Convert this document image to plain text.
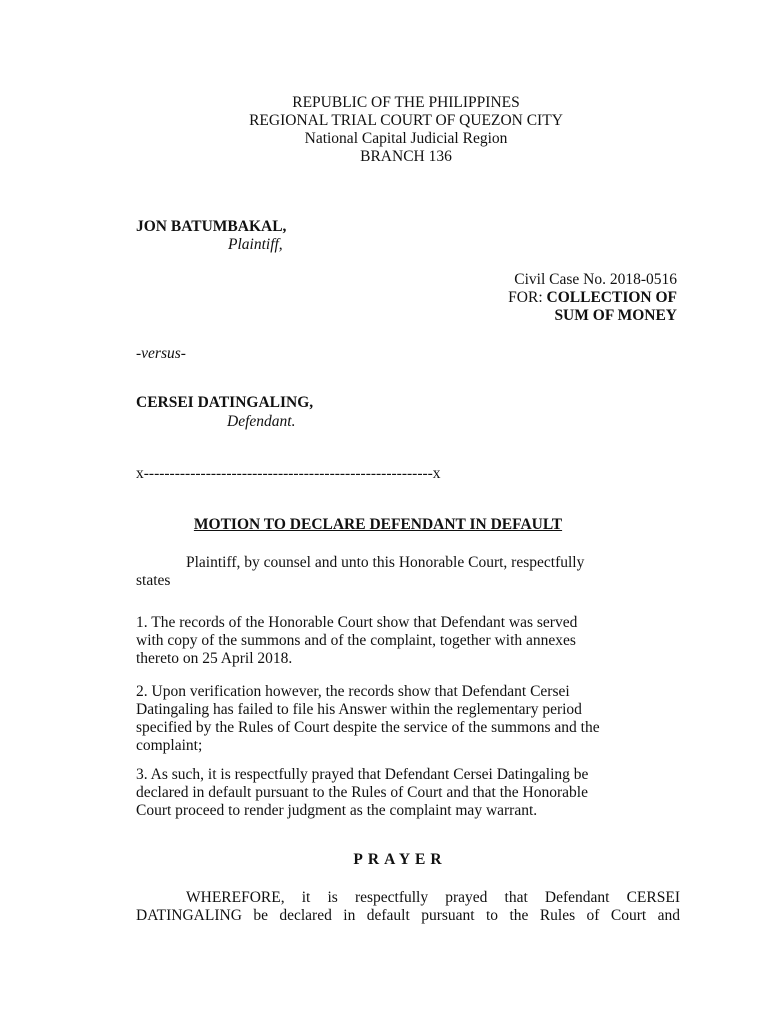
REPUBLIC OF THE PHILIPPINES
REGIONAL TRIAL COURT OF QUEZON CITY
National Capital Judicial Region
BRANCH 136
JON BATUMBAKAL,
Plaintiff,
Civil Case No. 2018-0516
FOR: COLLECTION OF
SUM OF MONEY
-versus-
CERSEI DATINGALING,
Defendant.
x--------------------------------------------------------x
MOTION TO DECLARE DEFENDANT IN DEFAULT
Plaintiff, by counsel and unto this Honorable Court, respectfully
states
1. The records of the Honorable Court show that Defendant was served
with copy of the summons and of the complaint, together with annexes
thereto on 25 April 2018.
2. Upon verification however, the records show that Defendant Cersei
Datingaling has failed to file his Answer within the reglementary period
specified by the Rules of Court despite the service of the summons and the
complaint;
3. As such, it is respectfully prayed that Defendant Cersei Datingaling be
declared in default pursuant to the Rules of Court and that the Honorable
Court proceed to render judgment as the complaint may warrant.
PRAYER
WHEREFORE, it is respectfully prayed that Defendant CERSEI
DATINGALING be declared in default pursuant to the Rules of Court and
